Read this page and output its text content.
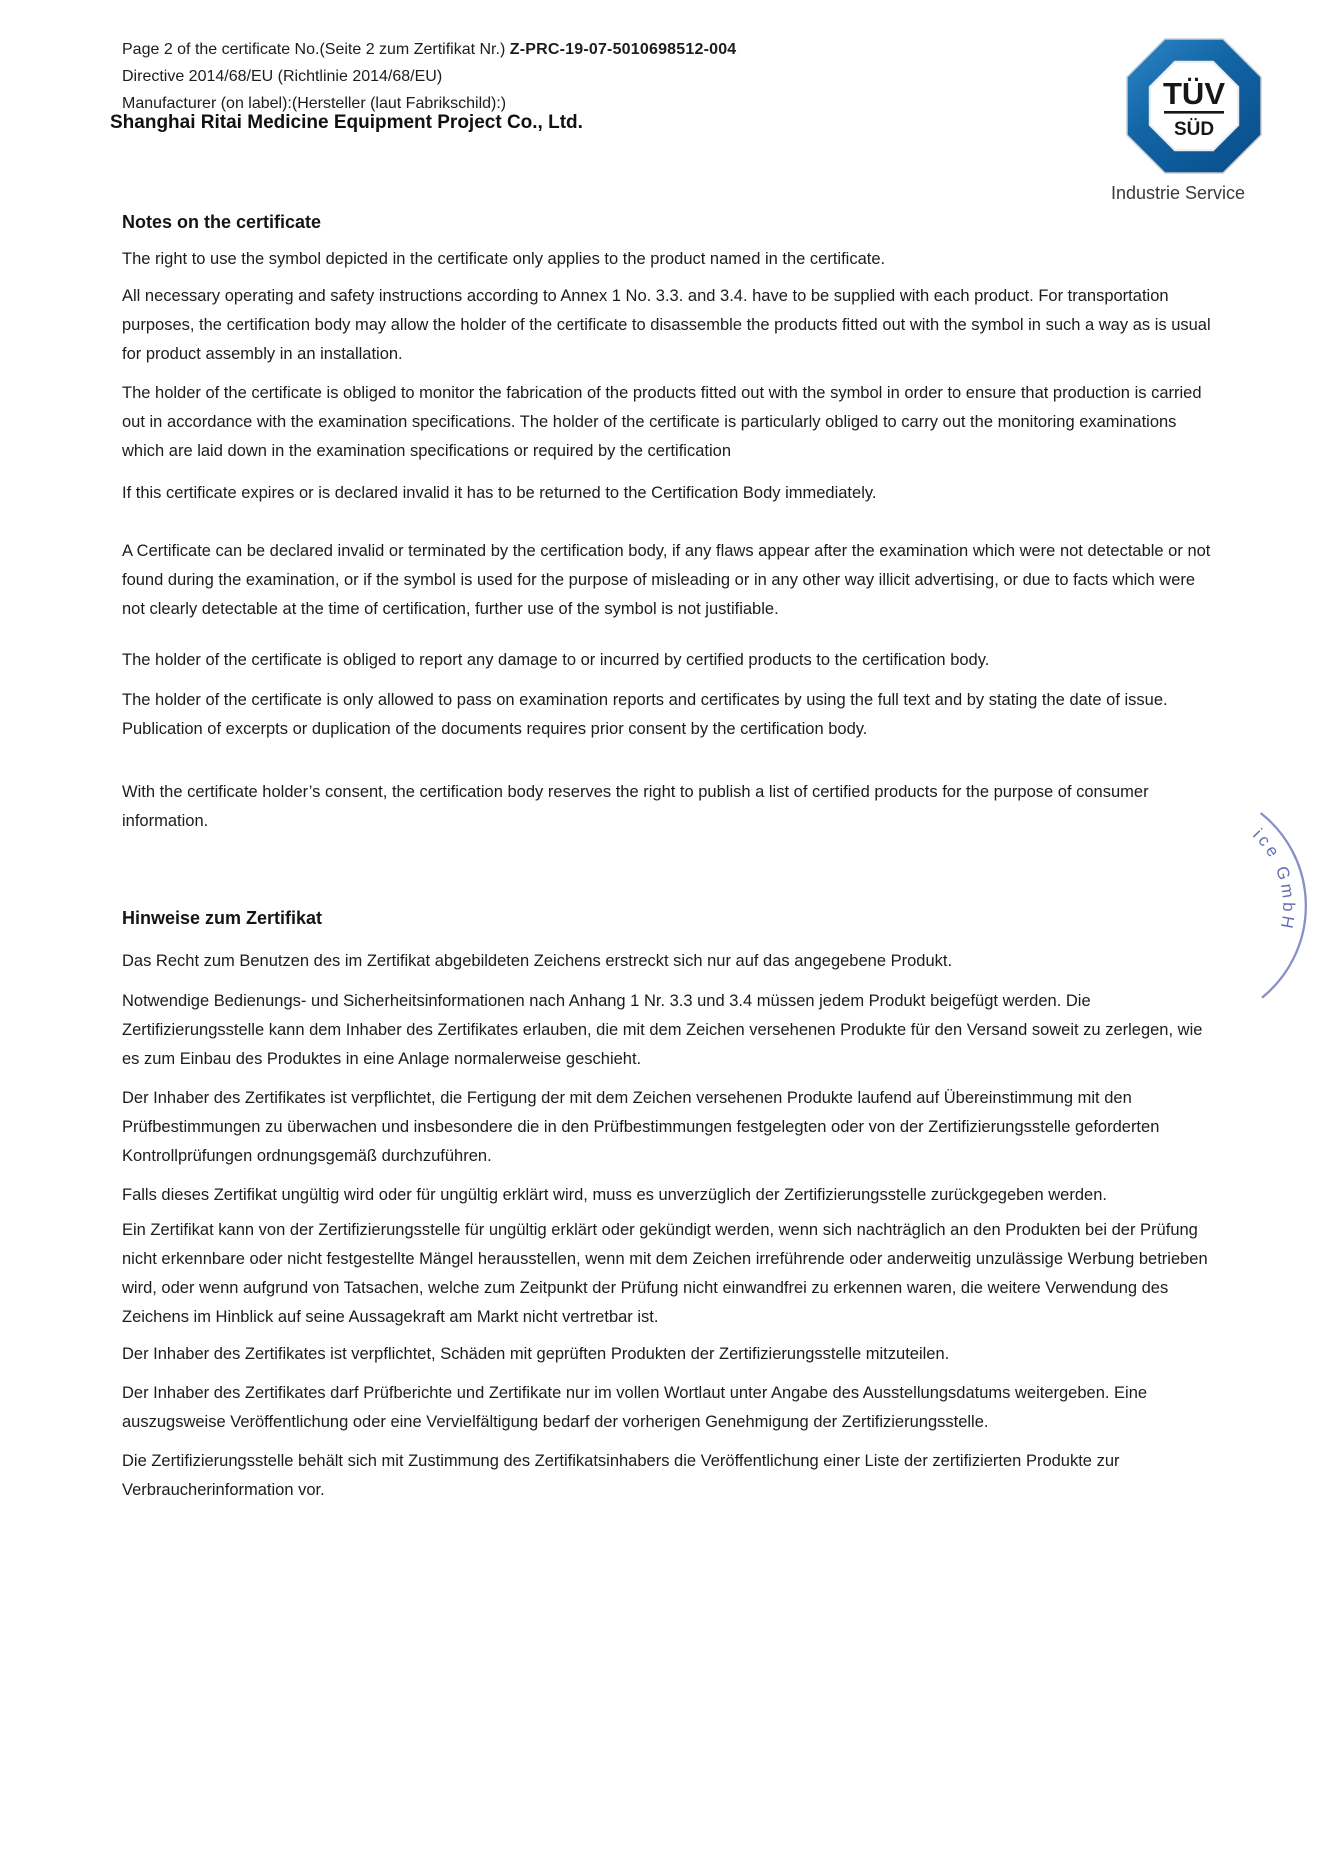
Page 2 of the certificate No.(Seite 2 zum Zertifikat Nr.) Z-PRC-19-07-5010698512-004
Directive 2014/68/EU (Richtlinie 2014/68/EU)
Manufacturer (on label):(Hersteller (laut Fabrikschild):)
Shanghai Ritai Medicine Equipment Project Co., Ltd.
TÜV
SÜD
Industrie Service
Notes on the certificate

The right to use the symbol depicted in the certificate only applies to the product named in the certificate.

All necessary operating and safety instructions according to Annex 1 No. 3.3. and 3.4. have to be supplied with each product. For transportation purposes, the certification body may allow the holder of the certificate to disassemble the products fitted out with the symbol in such a way as is usual for product assembly in an installation.

The holder of the certificate is obliged to monitor the fabrication of the products fitted out with the symbol in order to ensure that production is carried out in accordance with the examination specifications. The holder of the certificate is particularly obliged to carry out the monitoring examinations which are laid down in the examination specifications or required by the certification

If this certificate expires or is declared invalid it has to be returned to the Certification Body immediately.

A Certificate can be declared invalid or terminated by the certification body, if any flaws appear after the examination which were not detectable or not found during the examination, or if the symbol is used for the purpose of misleading or in any other way illicit advertising, or due to facts which were not clearly detectable at the time of certification, further use of the symbol is not justifiable.

The holder of the certificate is obliged to report any damage to or incurred by certified products to the certification body.

The holder of the certificate is only allowed to pass on examination reports and certificates by using the full text and by stating the date of issue. Publication of excerpts or duplication of the documents requires prior consent by the certification body.

With the certificate holder’s consent, the certification body reserves the right to publish a list of certified products for the purpose of consumer information.

Hinweise zum Zertifikat

Das Recht zum Benutzen des im Zertifikat abgebildeten Zeichens erstreckt sich nur auf das angegebene Produkt.

Notwendige Bedienungs- und Sicherheitsinformationen nach Anhang 1 Nr. 3.3 und 3.4 müssen jedem Produkt beigefügt werden. Die Zertifizierungsstelle kann dem Inhaber des Zertifikates erlauben, die mit dem Zeichen versehenen Produkte für den Versand soweit zu zerlegen, wie es zum Einbau des Produktes in eine Anlage normalerweise geschieht.

Der Inhaber des Zertifikates ist verpflichtet, die Fertigung der mit dem Zeichen versehenen Produkte laufend auf Übereinstimmung mit den Prüfbestimmungen zu überwachen und insbesondere die in den Prüfbestimmungen festgelegten oder von der Zertifizierungsstelle geforderten Kontrollprüfungen ordnungsgemäß durchzuführen.

Falls dieses Zertifikat ungültig wird oder für ungültig erklärt wird, muss es unverzüglich der Zertifizierungsstelle zurückgegeben werden.

Ein Zertifikat kann von der Zertifizierungsstelle für ungültig erklärt oder gekündigt werden, wenn sich nachträglich an den Produkten bei der Prüfung nicht erkennbare oder nicht festgestellte Mängel herausstellen, wenn mit dem Zeichen irreführende oder anderweitig unzulässige Werbung betrieben wird, oder wenn aufgrund von Tatsachen, welche zum Zeitpunkt der Prüfung nicht einwandfrei zu erkennen waren, die weitere Verwendung des Zeichens im Hinblick auf seine Aussagekraft am Markt nicht vertretbar ist.

Der Inhaber des Zertifikates ist verpflichtet, Schäden mit geprüften Produkten der Zertifizierungsstelle mitzuteilen.

Der Inhaber des Zertifikates darf Prüfberichte und Zertifikate nur im vollen Wortlaut unter Angabe des Ausstellungsdatums weitergeben. Eine auszugsweise Veröffentlichung oder eine Vervielfältigung bedarf der vorherigen Genehmigung der Zertifizierungsstelle.

Die Zertifizierungsstelle behält sich mit Zustimmung des Zertifikatsinhabers die Veröffentlichung einer Liste der zertifizierten Produkte zur Verbraucherinformation vor.

ice GmbH
